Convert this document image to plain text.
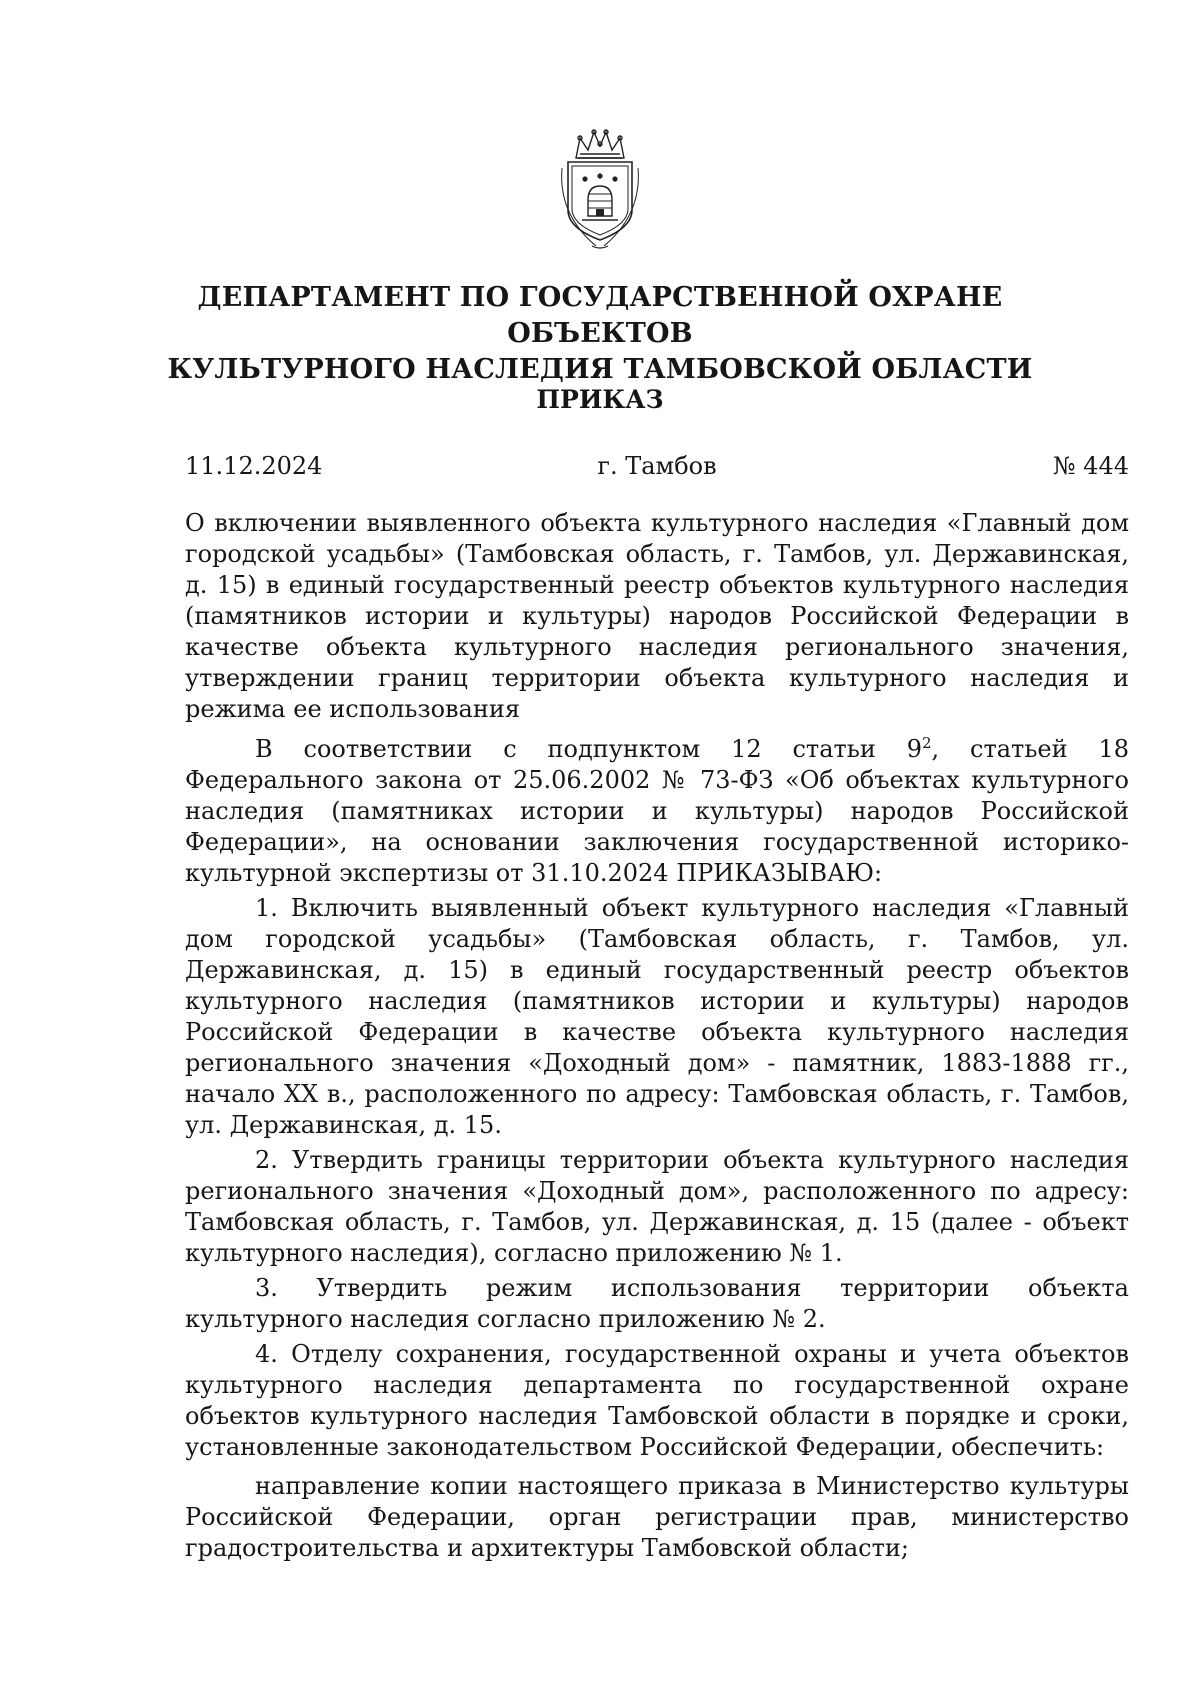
ДЕПАРТАМЕНТ ПО ГОСУДАРСТВЕННОЙ ОХРАНЕ ОБЪЕКТОВ
КУЛЬТУРНОГО НАСЛЕДИЯ ТАМБОВСКОЙ ОБЛАСТИ
ПРИКАЗ
11.12.2024	г. Тамбов	№ 444
О включении выявленного объекта культурного наследия «Главный дом городской усадьбы» (Тамбовская область, г. Тамбов, ул. Державинская, д. 15) в единый государственный реестр объектов культурного наследия (памятников истории и культуры) народов Российской Федерации в качестве объекта культурного наследия регионального значения, утверждении границ территории объекта культурного наследия и режима ее использования

В соответствии с подпунктом 12 статьи $9^2$, статьей 18 Федерального закона от 25.06.2002 № 73-ФЗ «Об объектах культурного наследия (памятниках истории и культуры) народов Российской Федерации», на основании заключения государственной историко-культурной экспертизы от 31.10.2024 ПРИКАЗЫВАЮ:

1. Включить выявленный объект культурного наследия «Главный дом городской усадьбы» (Тамбовская область, г. Тамбов, ул. Державинская, д. 15) в единый государственный реестр объектов культурного наследия (памятников истории и культуры) народов Российской Федерации в качестве объекта культурного наследия регионального значения «Доходный дом» - памятник, 1883-1888 гг., начало XX в., расположенного по адресу: Тамбовская область, г. Тамбов, ул. Державинская, д. 15.

2. Утвердить границы территории объекта культурного наследия регионального значения «Доходный дом», расположенного по адресу: Тамбовская область, г. Тамбов, ул. Державинская, д. 15 (далее - объект культурного наследия), согласно приложению № 1.

3. Утвердить режим использования территории объекта культурного наследия согласно приложению № 2.

4. Отделу сохранения, государственной охраны и учета объектов культурного наследия департамента по государственной охране объектов культурного наследия Тамбовской области в порядке и сроки, установленные законодательством Российской Федерации, обеспечить:

направление копии настоящего приказа в Министерство культуры Российской Федерации, орган регистрации прав, министерство градостроительства и архитектуры Тамбовской области;
